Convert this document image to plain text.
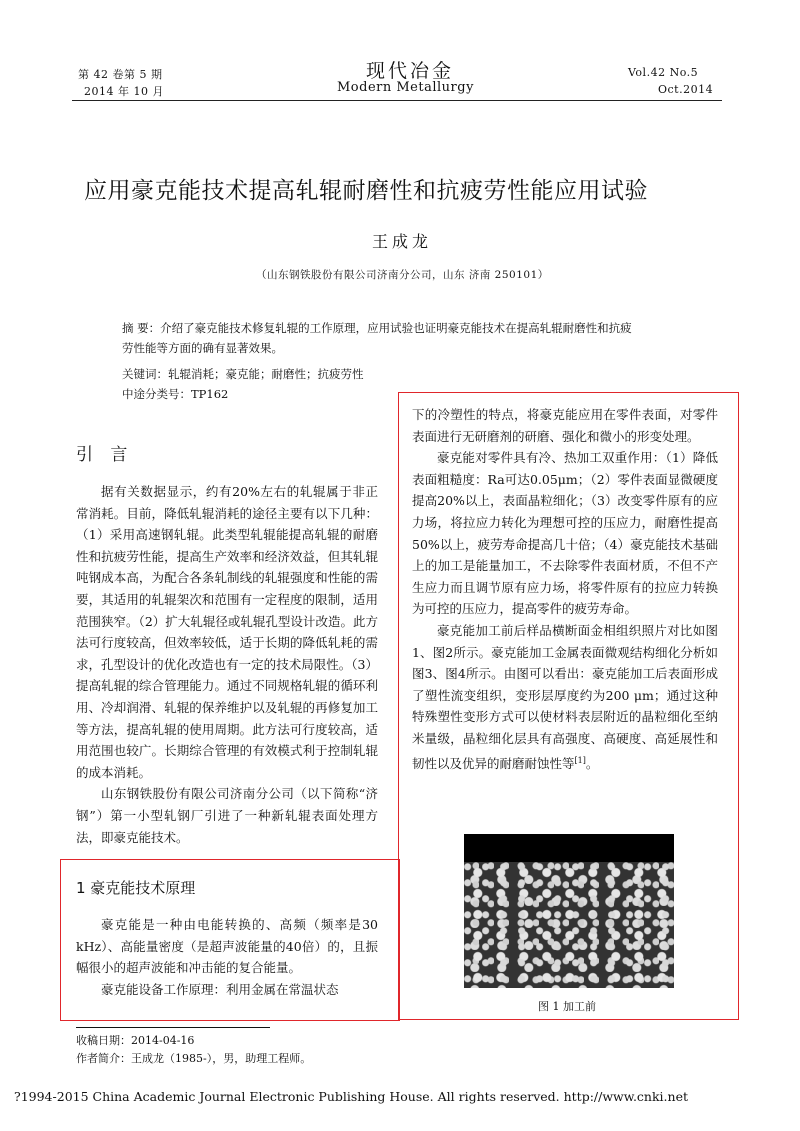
第 42 卷第 5 期
2014 年 10 月
现代冶金
Modern Metallurgy
Vol.42 No.5
Oct.2014
应用豪克能技术提高轧辊耐磨性和抗疲劳性能应用试验
王成龙
（山东钢铁股份有限公司济南分公司，山东 济南 250101）
摘 要：介绍了豪克能技术修复轧辊的工作原理，应用试验也证明豪克能技术在提高轧辊耐磨性和抗疲
劳性能等方面的确有显著效果。
关键词：轧辊消耗；豪克能；耐磨性；抗疲劳性
中途分类号：TP162
引 言

据有关数据显示，约有20%左右的轧辊属于非正常消耗。目前，降低轧辊消耗的途径主要有以下几种：（1）采用高速钢轧辊。此类型轧辊能提高轧辊的耐磨性和抗疲劳性能，提高生产效率和经济效益，但其轧辊吨钢成本高，为配合各条轧制线的轧辊强度和性能的需要，其适用的轧辊架次和范围有一定程度的限制，适用范围狭窄。（2）扩大轧辊径或轧辊孔型设计改造。此方法可行度较高，但效率较低，适于长期的降低轧耗的需求，孔型设计的优化改造也有一定的技术局限性。（3）提高轧辊的综合管理能力。通过不同规格轧辊的循环利用、冷却润滑、轧辊的保养维护以及轧辊的再修复加工等方法，提高轧辊的使用周期。此方法可行度较高，适用范围也较广。长期综合管理的有效模式利于控制轧辊的成本消耗。

山东钢铁股份有限公司济南分公司（以下简称“济钢”）第一小型轧钢厂引进了一种新轧辊表面处理方法，即豪克能技术。

1 豪克能技术原理

豪克能是一种由电能转换的、高频（频率是30 kHz）、高能量密度（是超声波能量的40倍）的，且振幅很小的超声波能和冲击能的复合能量。

豪克能设备工作原理：利用金属在常温状态

下的冷塑性的特点，将豪克能应用在零件表面，对零件表面进行无研磨剂的研磨、强化和微小的形变处理。

豪克能对零件具有冷、热加工双重作用：（1）降低表面粗糙度：Ra可达0.05μm；（2）零件表面显微硬度提高20%以上，表面晶粒细化；（3）改变零件原有的应力场，将拉应力转化为理想可控的压应力，耐磨性提高50%以上，疲劳寿命提高几十倍；（4）豪克能技术基础上的加工是能量加工，不去除零件表面材质，不但不产生应力而且调节原有应力场，将零件原有的拉应力转换为可控的压应力，提高零件的疲劳寿命。

豪克能加工前后样品横断面金相组织照片对比如图1、图2所示。豪克能加工金属表面微观结构细化分析如图3、图4所示。由图可以看出：豪克能加工后表面形成了塑性流变组织，变形层厚度约为200 μm；通过这种特殊塑性变形方式可以使材料表层附近的晶粒细化至纳米量级，晶粒细化层具有高强度、高硬度、高延展性和韧性以及优异的耐磨耐蚀性等[1]。

图 1 加工前
收稿日期：2014-04-16
作者简介：王成龙（1985-），男，助理工程师。
?1994-2015 China Academic Journal Electronic Publishing House. All rights reserved. http://www.cnki.net
